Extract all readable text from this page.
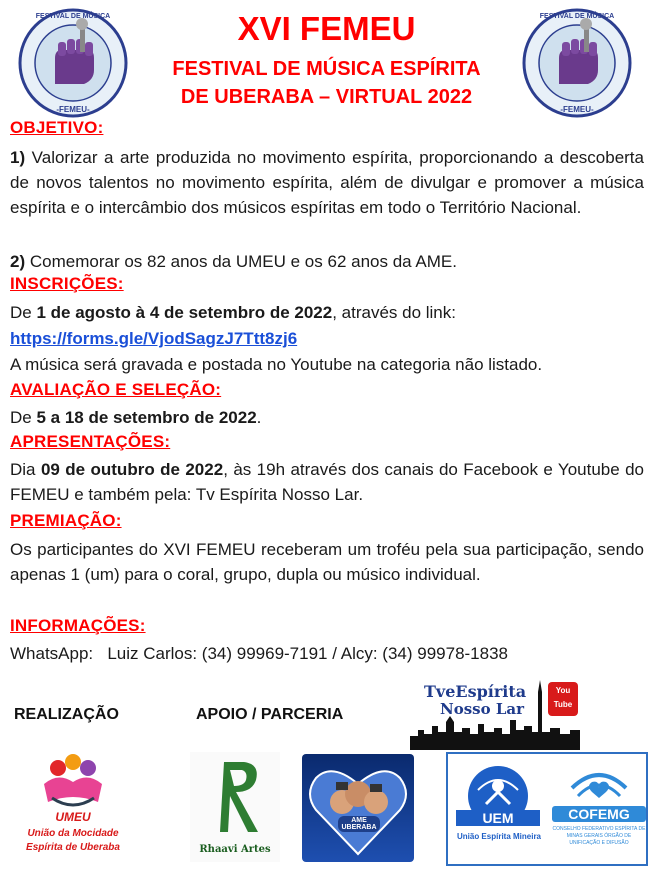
FESTIVAL DE MÚSICA
-FEMEU-
FESTIVAL DE MÚSICA
-FEMEU-
XVI FEMEU
FESTIVAL DE MÚSICA ESPÍRITA
DE UBERABA – VIRTUAL 2022
OBJETIVO:
1) Valorizar a arte produzida no movimento espírita, proporcionando a descoberta de novos talentos no movimento espírita, além de divulgar e promover a música espírita e o intercâmbio dos músicos espíritas em todo o Território Nacional.
2) Comemorar os 82 anos da UMEU e os 62 anos da AME.
INSCRIÇÕES:
De 1 de agosto à 4 de setembro de 2022, através do link:
https://forms.gle/VjodSagzJ7Ttt8zj6
A música será gravada e postada no Youtube na categoria não listado.
AVALIAÇÃO E SELEÇÃO:
De 5 a 18 de setembro de 2022.
APRESENTAÇÕES:
Dia 09 de outubro de 2022, às 19h através dos canais do Facebook e Youtube do FEMEU e também pela: Tv Espírita Nosso Lar.
PREMIAÇÃO:
Os participantes do XVI FEMEU receberam um troféu pela sua participação, sendo apenas 1 (um) para o coral, grupo, dupla ou músico individual.
INFORMAÇÕES:
WhatsApp:   Luiz Carlos: (34) 99969-7191 / Alcy: (34) 99978-1838
REALIZAÇÃO	APOIO / PARCERIA
TveEspírita
Nosso Lar
You Tube
UMEU
União da Mocidade
Espírita de Uberaba	Rhaavi Artes
AME UBERABA
UEM
União Espírita Mineira
COFEMG
CONSELHO FEDERATIVO ESPÍRITA DE MINAS GERAIS ÓRGÃO DE UNIFICAÇÃO E DIFUSÃO
